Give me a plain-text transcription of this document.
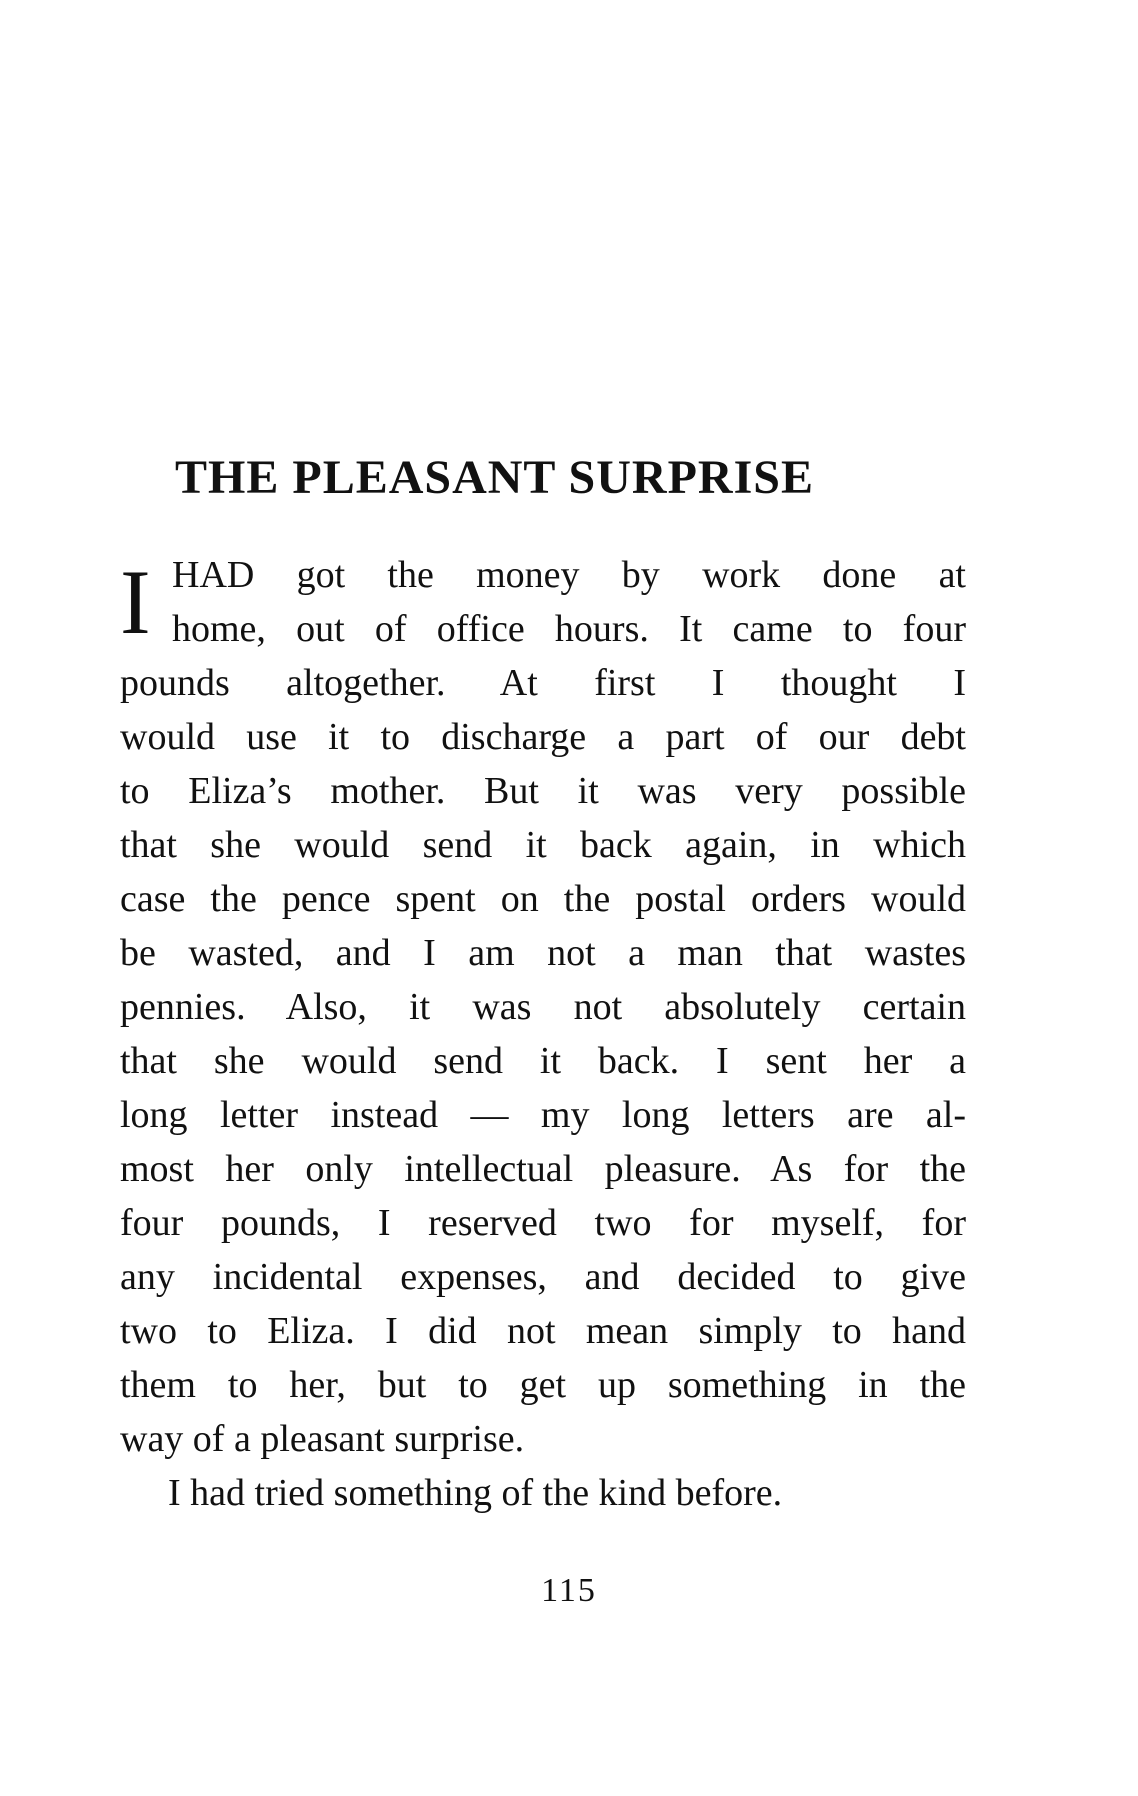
THE PLEASANT SURPRISE
I HAD got the money by work done at
home, out of office hours. It came to four
pounds altogether. At first I thought I
would use it to discharge a part of our debt
to Eliza’s mother. But it was very possible
that she would send it back again, in which
case the pence spent on the postal orders would
be wasted, and I am not a man that wastes
pennies. Also, it was not absolutely certain
that she would send it back. I sent her a
long letter instead — my long letters are al-
most her only intellectual pleasure. As for the
four pounds, I reserved two for myself, for
any incidental expenses, and decided to give
two to Eliza. I did not mean simply to hand
them to her, but to get up something in the
way of a pleasant surprise.
I had tried something of the kind before.
115
